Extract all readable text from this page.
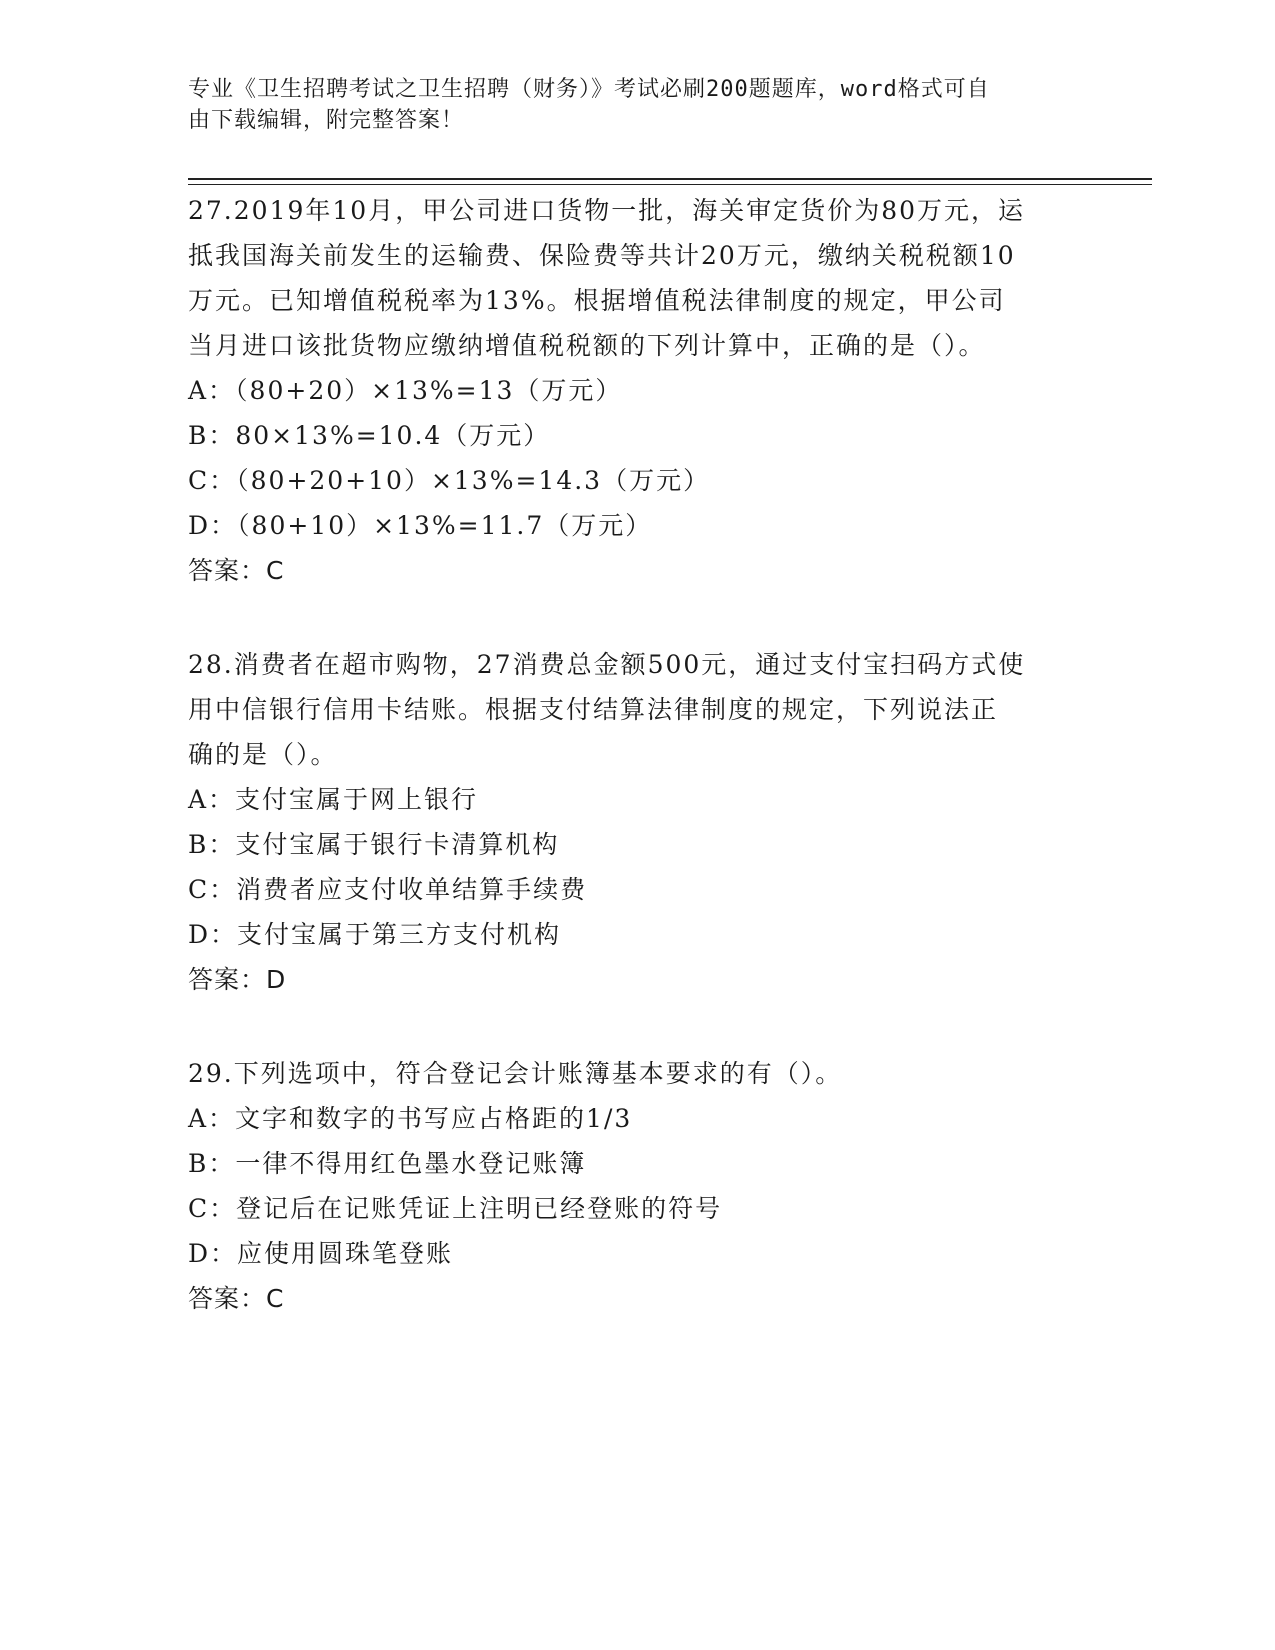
专业《卫生招聘考试之卫生招聘（财务）》考试必刷200题题库，word格式可自
由下载编辑，附完整答案！

27.2019年10月，甲公司进口货物一批，海关审定货价为80万元，运

抵我国海关前发生的运输费、保险费等共计20万元，缴纳关税税额10

万元。已知增值税税率为13%。根据增值税法律制度的规定，甲公司

当月进口该批货物应缴纳增值税税额的下列计算中，正确的是（）。

A：（80+20）×13%=13（万元）

B：80×13%=10.4（万元）

C：（80+20+10）×13%=14.3（万元）

D：（80+10）×13%=11.7（万元）

答案：C

28.消费者在超市购物，27消费总金额500元，通过支付宝扫码方式使

用中信银行信用卡结账。根据支付结算法律制度的规定，下列说法正

确的是（）。

A：支付宝属于网上银行

B：支付宝属于银行卡清算机构

C：消费者应支付收单结算手续费

D：支付宝属于第三方支付机构

答案：D

29.下列选项中，符合登记会计账簿基本要求的有（）。

A：文字和数字的书写应占格距的1/3

B：一律不得用红色墨水登记账簿

C：登记后在记账凭证上注明已经登账的符号

D：应使用圆珠笔登账

答案：C
